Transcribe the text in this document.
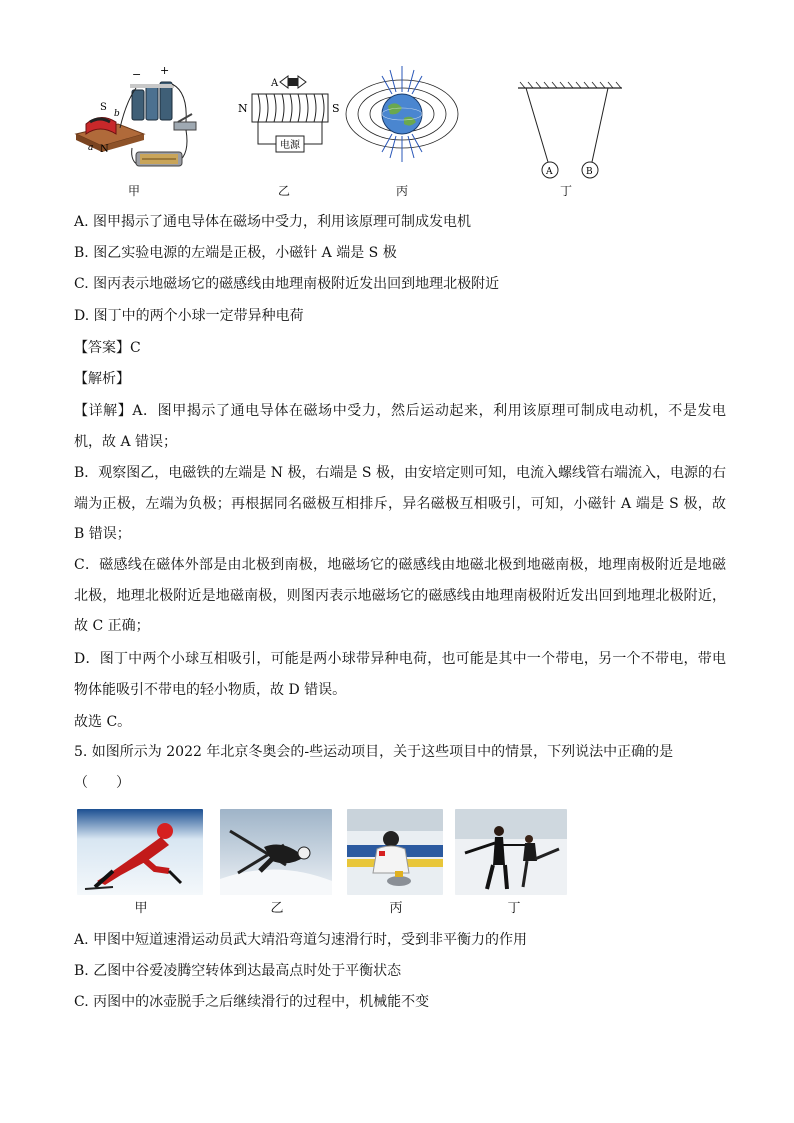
S
b
a N
− +
甲
电源
N
A
S
乙	丙
A	B
丁
A. 图甲揭示了通电导体在磁场中受力，利用该原理可制成发电机
B. 图乙实验电源的左端是正极，小磁针 A 端是 S 极
C. 图丙表示地磁场它的磁感线由地理南极附近发出回到地理北极附近
D. 图丁中的两个小球一定带异种电荷
【答案】C
【解析】
【详解】A．图甲揭示了通电导体在磁场中受力，然后运动起来，利用该原理可制成电动机，不是发电机，故 A 错误；
B．观察图乙，电磁铁的左端是 N 极，右端是 S 极，由安培定则可知，电流入螺线管右端流入，电源的右端为正极，左端为负极；再根据同名磁极互相排斥，异名磁极互相吸引，可知，小磁针 A 端是 S 极，故 B 错误；
C．磁感线在磁体外部是由北极到南极，地磁场它的磁感线由地磁北极到地磁南极，地理南极附近是地磁北极，地理北极附近是地磁南极，则图丙表示地磁场它的磁感线由地理南极附近发出回到地理北极附近，故 C 正确；
D．图丁中两个小球互相吸引，可能是两小球带异种电荷，也可能是其中一个带电，另一个不带电，带电物体能吸引不带电的轻小物质，故 D 错误。
故选 C。
5. 如图所示为 2022 年北京冬奥会的-些运动项目，关于这些项目中的情景，下列说法中正确的是
（　　）
甲	乙	丙	丁
A. 甲图中短道速滑运动员武大靖沿弯道匀速滑行时，受到非平衡力的作用
B. 乙图中谷爱凌腾空转体到达最高点时处于平衡状态
C. 丙图中的冰壶脱手之后继续滑行的过程中，机械能不变
